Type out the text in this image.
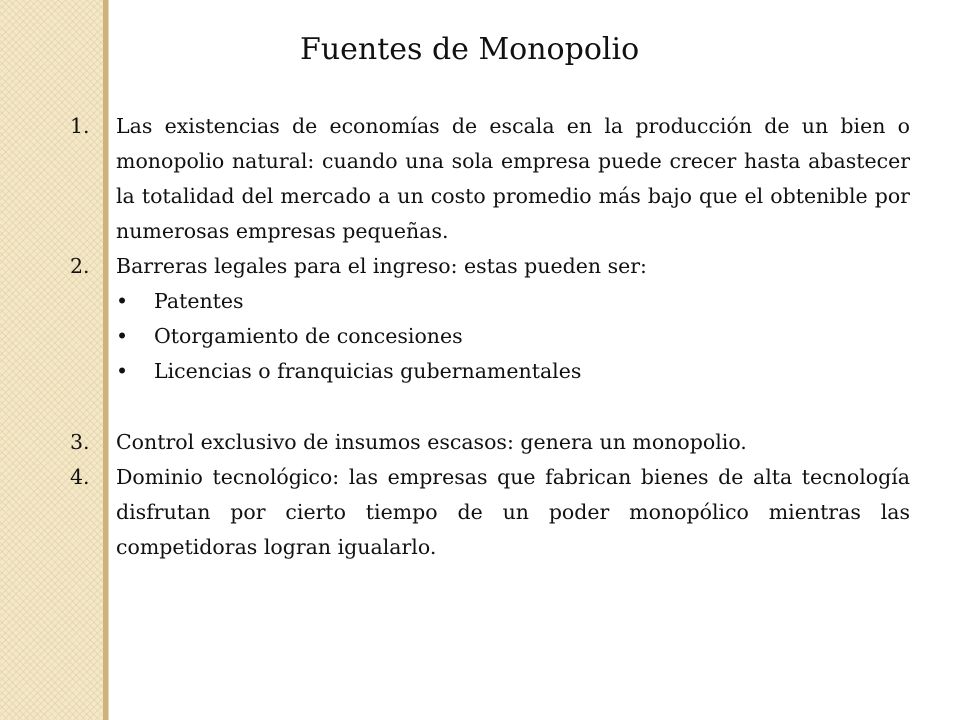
Fuentes de Monopolio
1. Las existencias de economías de escala en la producción de un bien o monopolio natural: cuando una sola empresa puede crecer hasta abastecer la totalidad del mercado a un costo promedio más bajo que el obtenible por numerosas empresas pequeñas.
2. Barreras legales para el ingreso: estas pueden ser:
• Patentes
• Otorgamiento de concesiones
• Licencias o franquicias gubernamentales
3. Control exclusivo de insumos escasos: genera un monopolio.
4. Dominio tecnológico: las empresas que fabrican bienes de alta tecnología disfrutan por cierto tiempo de un poder monopólico mientras las competidoras logran igualarlo.
